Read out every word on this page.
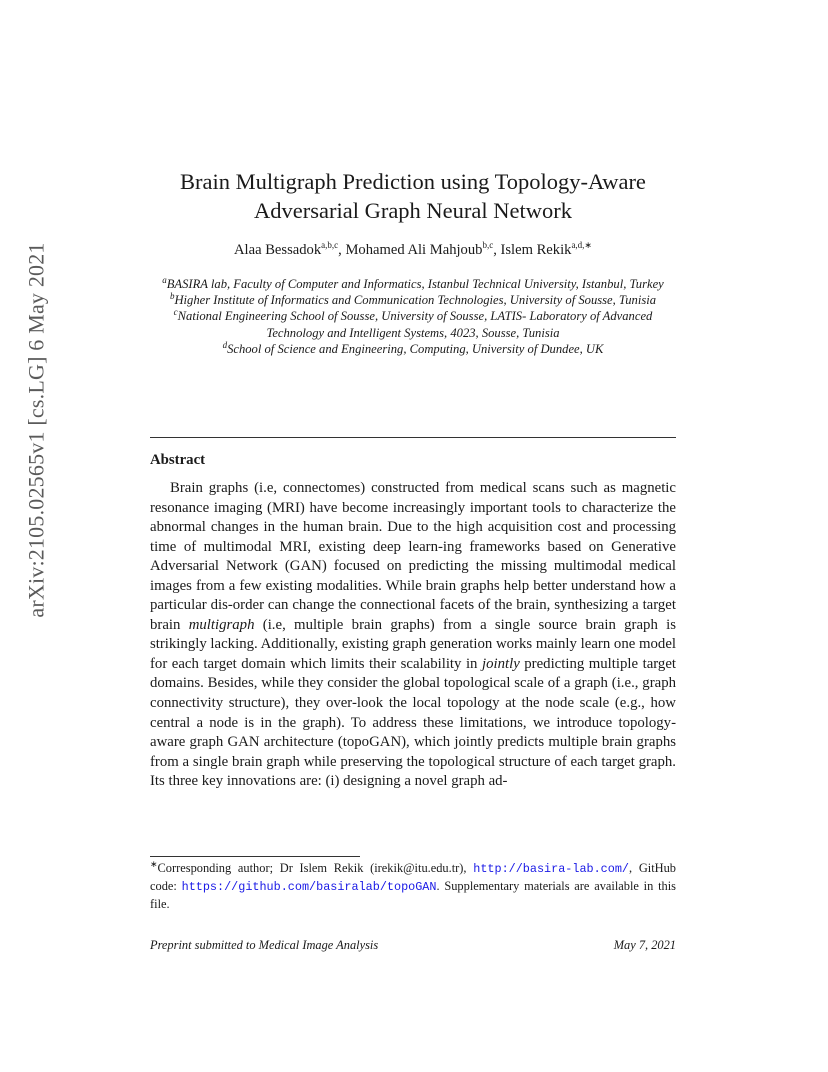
arXiv:2105.02565v1 [cs.LG] 6 May 2021
Brain Multigraph Prediction using Topology-Aware
Adversarial Graph Neural Network
Alaa Bessadok$^{a,b,c}$, Mohamed Ali Mahjoub$^{b,c}$, Islem Rekik$^{a,d,∗}$

$^a$BASIRA lab, Faculty of Computer and Informatics, Istanbul Technical University, Istanbul, Turkey

$^b$Higher Institute of Informatics and Communication Technologies, University of Sousse, Tunisia

$^c$National Engineering School of Sousse, University of Sousse, LATIS- Laboratory of Advanced Technology and Intelligent Systems, 4023, Sousse, Tunisia

$^d$School of Science and Engineering, Computing, University of Dundee, UK

Abstract

Brain graphs (i.e, connectomes) constructed from medical scans such as magnetic resonance imaging (MRI) have become increasingly important tools to characterize the abnormal changes in the human brain. Due to the high acquisition cost and processing time of multimodal MRI, existing deep learn-ing frameworks based on Generative Adversarial Network (GAN) focused on predicting the missing multimodal medical images from a few existing modalities. While brain graphs help better understand how a particular dis-order can change the connectional facets of the brain, synthesizing a target brain multigraph (i.e, multiple brain graphs) from a single source brain graph is strikingly lacking. Additionally, existing graph generation works mainly learn one model for each target domain which limits their scalability in jointly predicting multiple target domains. Besides, while they consider the global topological scale of a graph (i.e., graph connectivity structure), they over-look the local topology at the node scale (e.g., how central a node is in the graph). To address these limitations, we introduce topology-aware graph GAN architecture (topoGAN), which jointly predicts multiple brain graphs from a single brain graph while preserving the topological structure of each target graph. Its three key innovations are: (i) designing a novel graph ad-

∗Corresponding author; Dr Islem Rekik (irekik@itu.edu.tr), http://basira-lab.com/, GitHub code: https://github.com/basiralab/topoGAN. Supplementary materials are available in this file.

Preprint submitted to Medical Image Analysis	May 7, 2021
